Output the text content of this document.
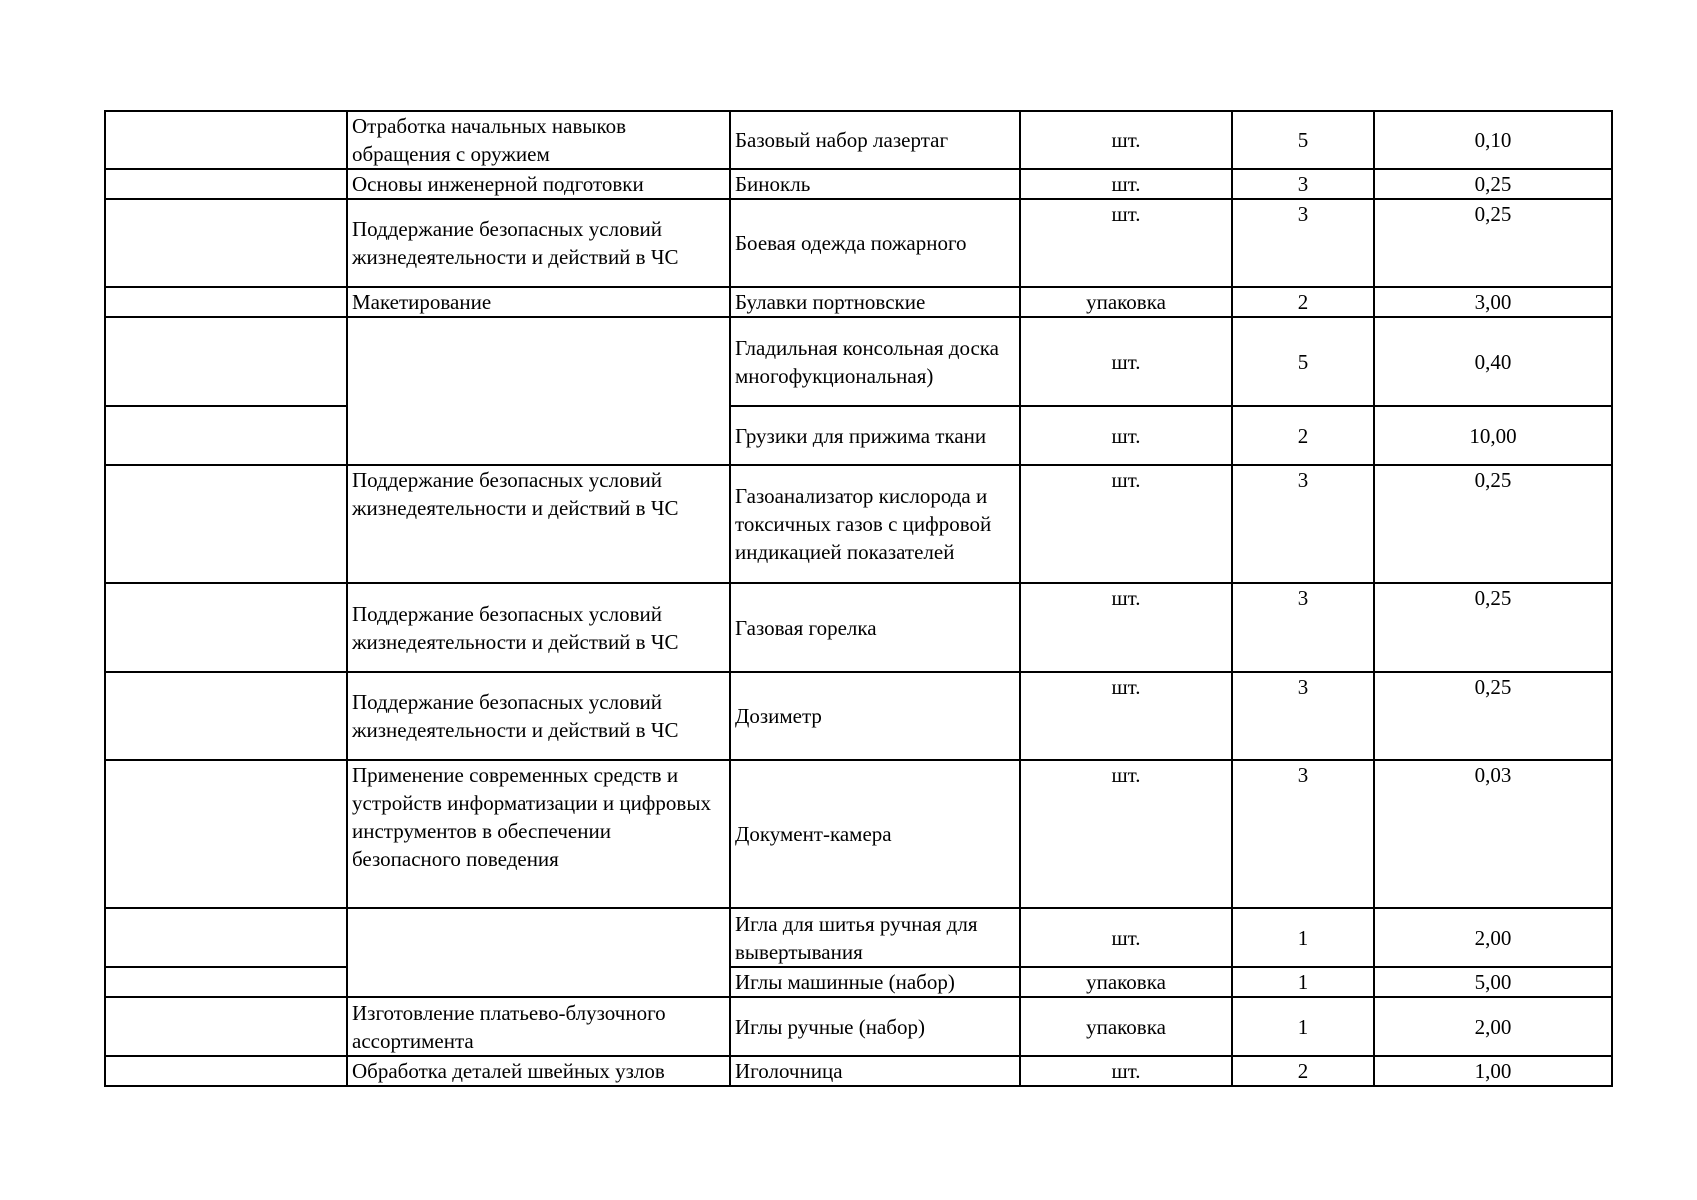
	Отработка начальных навыков обращения с оружием	Базовый набор лазертаг	шт.	5	0,10
	Основы инженерной подготовки	Бинокль	шт.	3	0,25
	Поддержание безопасных условий жизнедеятельности и действий в ЧС	Боевая одежда пожарного	шт.	3	0,25
	Макетирование	Булавки портновские	упаковка	2	3,00
		Гладильная консольная доска многофукциональная)	шт.	5	0,40
		Грузики для прижима ткани	шт.	2	10,00
	Поддержание безопасных условий жизнедеятельности и действий в ЧС	Газоанализатор кислорода и токсичных газов с цифровой индикацией показателей	шт.	3	0,25
	Поддержание безопасных условий жизнедеятельности и действий в ЧС	Газовая горелка	шт.	3	0,25
	Поддержание безопасных условий жизнедеятельности и действий в ЧС	Дозиметр	шт.	3	0,25
	Применение современных средств и устройств информатизации и цифровых инструментов в обеспечении безопасного поведения	Документ-камера	шт.	3	0,03
		Игла для шитья ручная для вывертывания	шт.	1	2,00
		Иглы машинные (набор)	упаковка	1	5,00
	Изготовление платьево-блузочного ассортимента	Иглы ручные (набор)	упаковка	1	2,00
	Обработка деталей швейных узлов	Иголочница	шт.	2	1,00
